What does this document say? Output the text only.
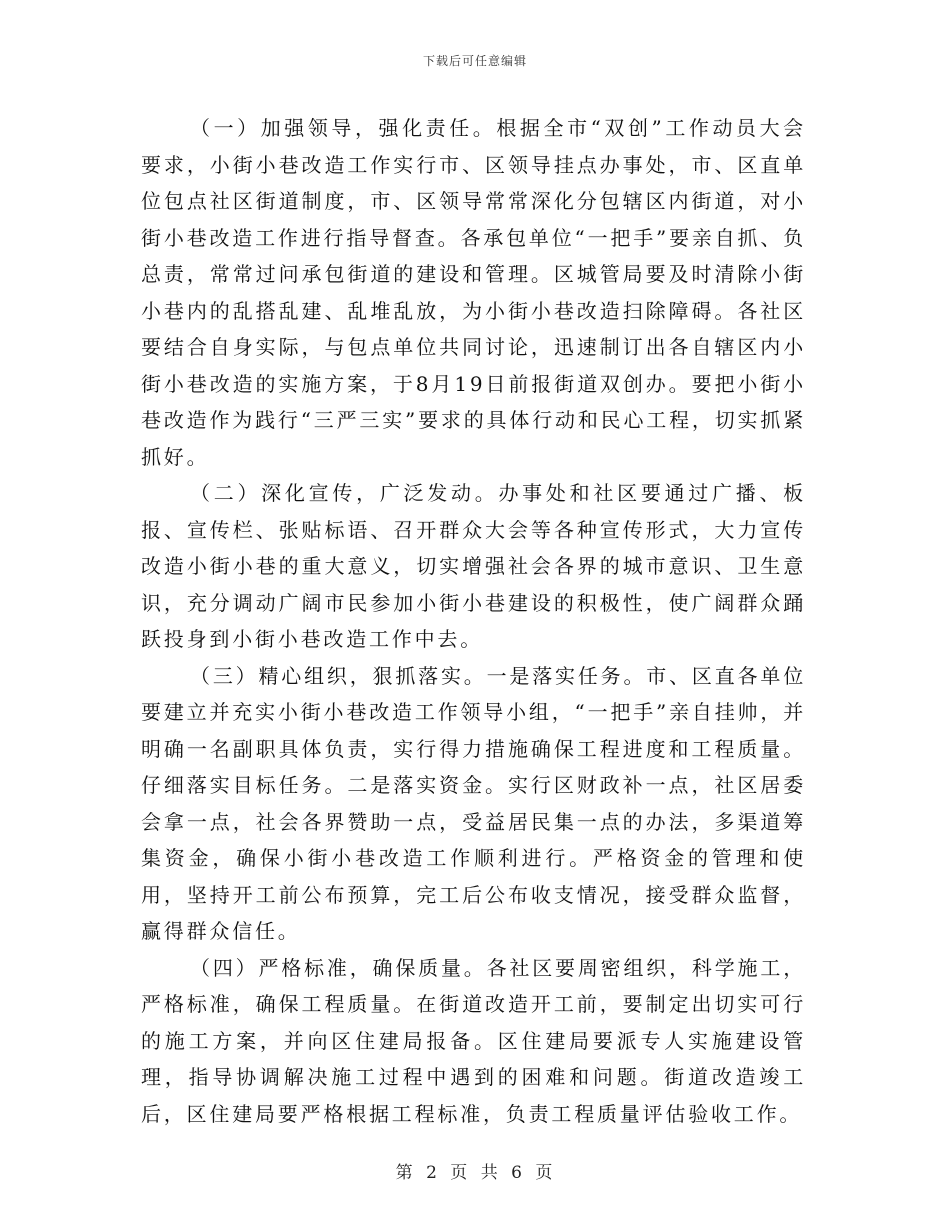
下载后可任意编辑

（一）加强领导，强化责任。根据全市“双创”工作动员大会要求，小街小巷改造工作实行市、区领导挂点办事处，市、区直单位包点社区街道制度，市、区领导常常深化分包辖区内街道，对小街小巷改造工作进行指导督查。各承包单位“一把手”要亲自抓、负总责，常常过问承包街道的建设和管理。区城管局要及时清除小街小巷内的乱搭乱建、乱堆乱放，为小街小巷改造扫除障碍。各社区要结合自身实际，与包点单位共同讨论，迅速制订出各自辖区内小街小巷改造的实施方案，于8月19日前报街道双创办。要把小街小巷改造作为践行“三严三实”要求的具体行动和民心工程，切实抓紧抓好。

（二）深化宣传，广泛发动。办事处和社区要通过广播、板报、宣传栏、张贴标语、召开群众大会等各种宣传形式，大力宣传改造小街小巷的重大意义，切实增强社会各界的城市意识、卫生意识，充分调动广阔市民参加小街小巷建设的积极性，使广阔群众踊跃投身到小街小巷改造工作中去。

（三）精心组织，狠抓落实。一是落实任务。市、区直各单位要建立并充实小街小巷改造工作领导小组，“一把手”亲自挂帅，并明确一名副职具体负责，实行得力措施确保工程进度和工程质量。仔细落实目标任务。二是落实资金。实行区财政补一点，社区居委会拿一点，社会各界赞助一点，受益居民集一点的办法，多渠道筹集资金，确保小街小巷改造工作顺利进行。严格资金的管理和使用，坚持开工前公布预算，完工后公布收支情况，接受群众监督，赢得群众信任。

（四）严格标准，确保质量。各社区要周密组织，科学施工，严格标准，确保工程质量。在街道改造开工前，要制定出切实可行的施工方案，并向区住建局报备。区住建局要派专人实施建设管理，指导协调解决施工过程中遇到的困难和问题。街道改造竣工后，区住建局要严格根据工程标准，负责工程质量评估验收工作。

第 2 页 共 6 页
